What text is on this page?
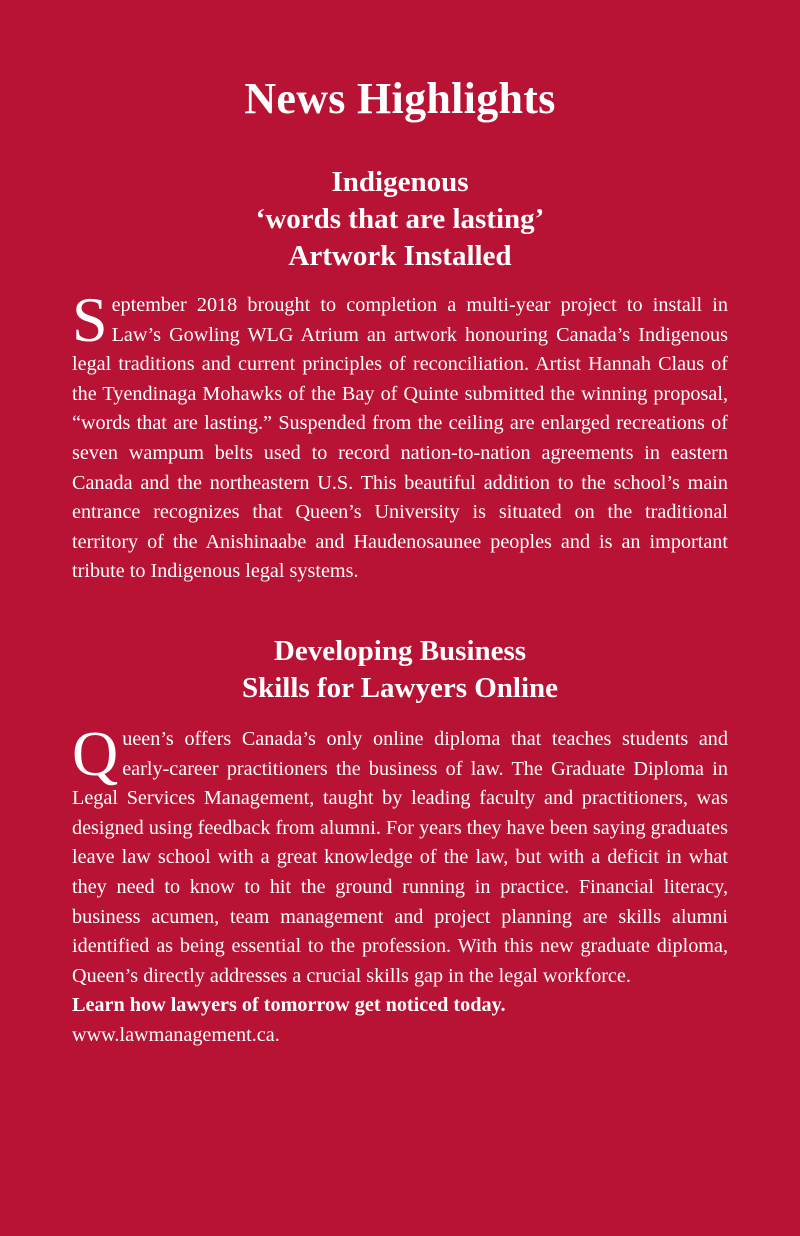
News Highlights
Indigenous
‘words that are lasting’
Artwork Installed

September 2018 brought to completion a multi-year project to install in Law’s Gowling WLG Atrium an artwork honouring Canada’s Indigenous legal traditions and current principles of reconciliation. Artist Hannah Claus of the Tyendinaga Mohawks of the Bay of Quinte submitted the winning proposal, “words that are lasting.” Suspended from the ceiling are enlarged recreations of seven wampum belts used to record nation-to-nation agreements in eastern Canada and the northeastern U.S. This beautiful addition to the school’s main entrance recognizes that Queen’s University is situated on the traditional territory of the Anishinaabe and Haudenosaunee peoples and is an important tribute to Indigenous legal systems.

Developing Business
Skills for Lawyers Online

Queen’s offers Canada’s only online diploma that teaches students and early-career practitioners the business of law. The Graduate Diploma in Legal Services Management, taught by leading faculty and practitioners, was designed using feedback from alumni. For years they have been saying graduates leave law school with a great knowledge of the law, but with a deficit in what they need to know to hit the ground running in practice. Financial literacy, business acumen, team management and project planning are skills alumni identified as being essential to the profession. With this new graduate diploma, Queen’s directly addresses a crucial skills gap in the legal workforce.

Learn how lawyers of tomorrow get noticed today.

www.lawmanagement.ca.
